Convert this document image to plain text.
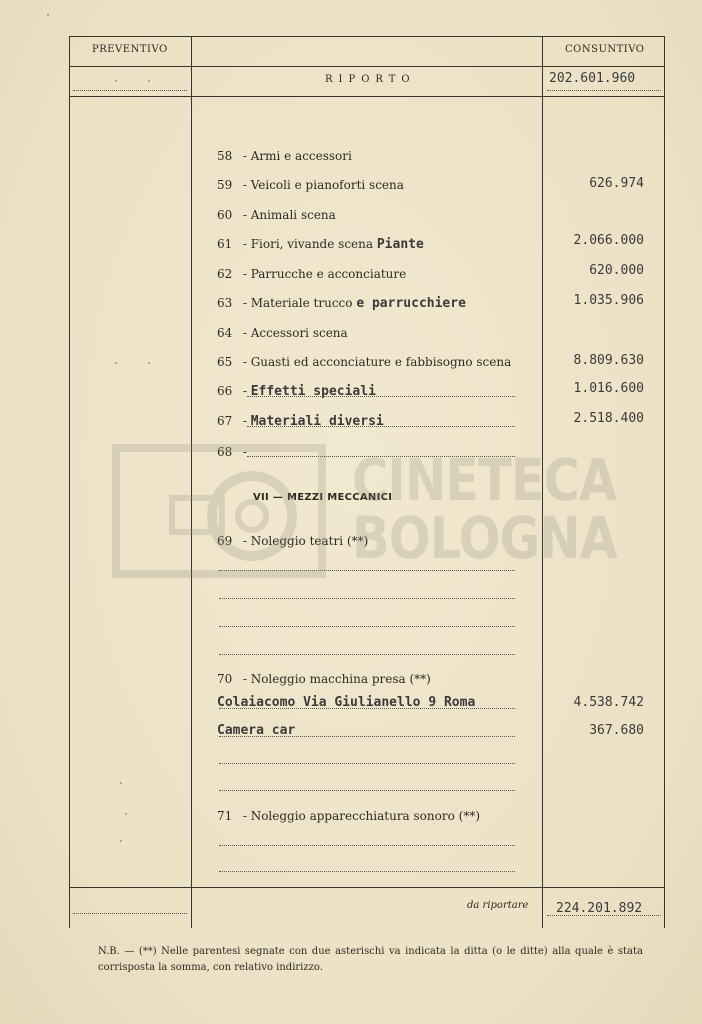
PREVENTIVO	CONSUNTIVO
RIPORTO	202.601.960
58 - Armi e accessori
59 - Veicoli e pianoforti scena	626.974
60 - Animali scena
61 - Fiori, vivande scena Piante	2.066.000
62 - Parrucche e acconciature	620.000
63 - Materiale trucco e parrucchiere	1.035.906
64 - Accessori scena
65 - Guasti ed acconciature e fabbisogno scena	8.809.630
66 - Effetti speciali	1.016.600
67 - Materiali diversi	2.518.400
68 -
VII — MEZZI MECCANICI
69 - Noleggio teatri (**)
70 - Noleggio macchina presa (**)
Colaiacomo Via Giulianello 9 Roma	4.538.742
Camera car	367.680
71 - Noleggio apparecchiatura sonoro (**)
da riportare 224.201.892
N.B. — (**) Nelle parentesi segnate con due asterischi va indicata la ditta (o le ditte) alla quale è stata corrisposta la somma, con relativo indirizzo.
CINETECA
BOLOGNA
